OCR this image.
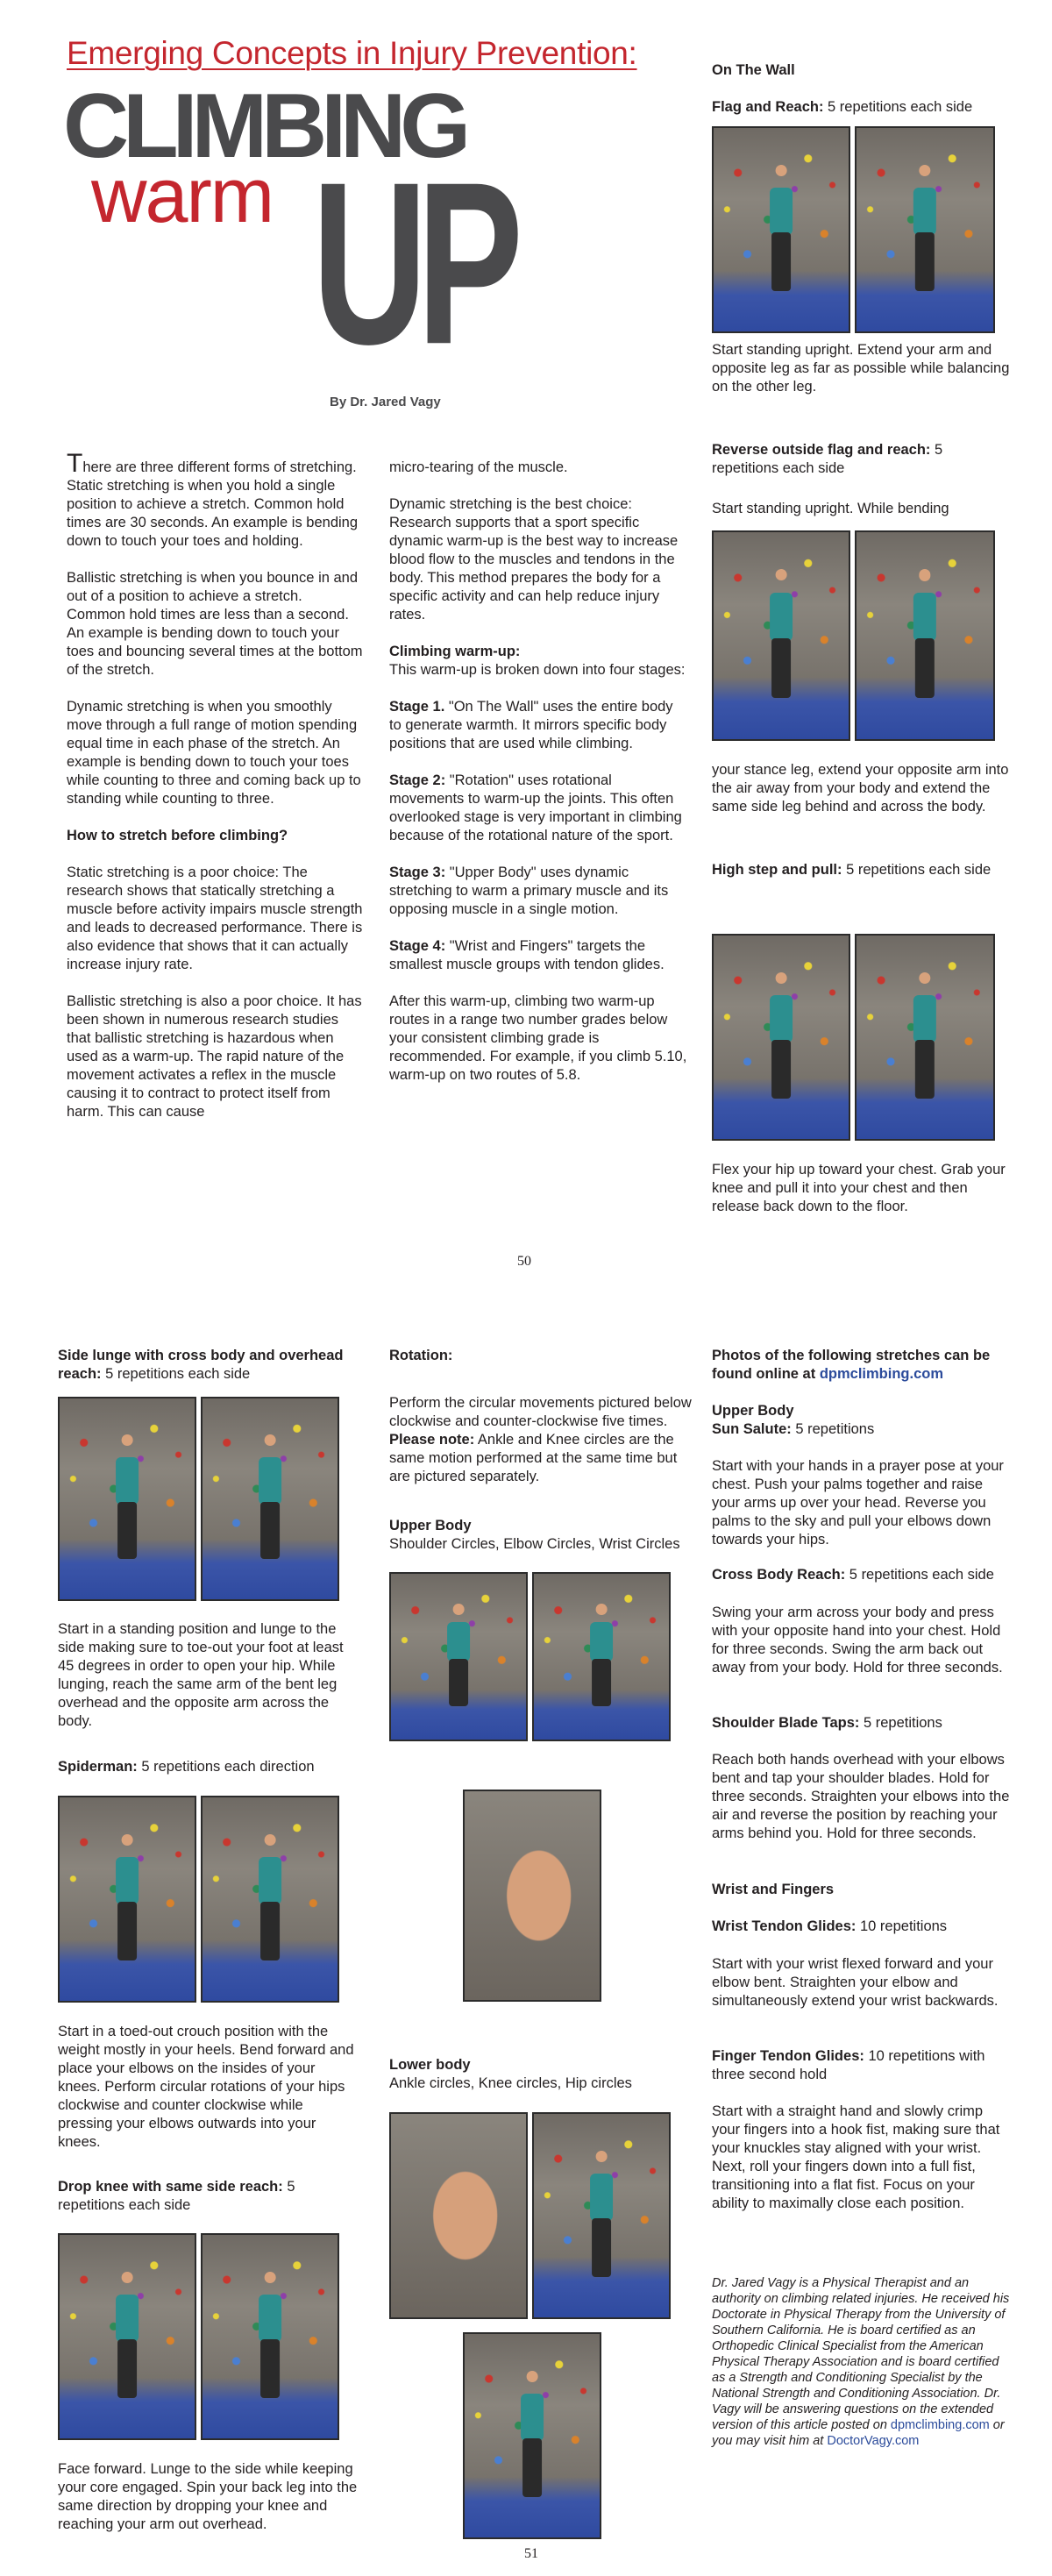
Emerging Concepts in Injury Prevention:
CLIMBING
warm UP
By Dr. Jared Vagy

There are three different forms of stretching. Static stretching is when you hold a single position to achieve a stretch. Common hold times are 30 seconds. An example is bending down to touch your toes and holding.

Ballistic stretching is when you bounce in and out of a position to achieve a stretch. Common hold times are less than a second. An example is bending down to touch your toes and bouncing several times at the bottom of the stretch.

Dynamic stretching is when you smoothly move through a full range of motion spending equal time in each phase of the stretch. An example is bending down to touch your toes while counting to three and coming back up to standing while counting to three.

How to stretch before climbing?

Static stretching is a poor choice: The research shows that statically stretching a muscle before activity impairs muscle strength and leads to decreased performance. There is also evidence that shows that it can actually increase injury rate.

Ballistic stretching is also a poor choice. It has been shown in numerous research studies that ballistic stretching is hazardous when used as a warm-up. The rapid nature of the movement activates a reflex in the muscle causing it to contract to protect itself from harm. This can cause

micro-tearing of the muscle.

Dynamic stretching is the best choice: Research supports that a sport specific dynamic warm-up is the best way to increase blood flow to the muscles and tendons in the body. This method prepares the body for a specific activity and can help reduce injury rates.

Climbing warm-up:
This warm-up is broken down into four stages:

Stage 1. "On The Wall" uses the entire body to generate warmth. It mirrors specific body positions that are used while climbing.

Stage 2: "Rotation" uses rotational movements to warm-up the joints. This often overlooked stage is very important in climbing because of the rotational nature of the sport.

Stage 3: "Upper Body" uses dynamic stretching to warm a primary muscle and its opposing muscle in a single motion.

Stage 4: "Wrist and Fingers" targets the smallest muscle groups with tendon glides.

After this warm-up, climbing two warm-up routes in a range two number grades below your consistent climbing grade is recommended. For example, if you climb 5.10, warm-up on two routes of 5.8.

On The Wall
Flag and Reach: 5 repetitions each side
Start standing upright. Extend your arm and opposite leg as far as possible while balancing on the other leg.
Reverse outside flag and reach: 5 repetitions each side
Start standing upright. While bending
your stance leg, extend your opposite arm into the air away from your body and extend the same side leg behind and across the body.
High step and pull: 5 repetitions each side
Flex your hip up toward your chest. Grab your knee and pull it into your chest and then release back down to the floor.
50
Side lunge with cross body and overhead reach: 5 repetitions each side
Start in a standing position and lunge to the side making sure to toe-out your foot at least 45 degrees in order to open your hip. While lunging, reach the same arm of the bent leg overhead and the opposite arm across the body.
Spiderman: 5 repetitions each direction
Start in a toed-out crouch position with the weight mostly in your heels. Bend forward and place your elbows on the insides of your knees. Perform circular rotations of your hips clockwise and counter clockwise while pressing your elbows outwards into your knees.
Drop knee with same side reach: 5 repetitions each side
Face forward. Lunge to the side while keeping your core engaged. Spin your back leg into the same direction by dropping your knee and reaching your arm out overhead.
Rotation:
Perform the circular movements pictured below clockwise and counter-clockwise five times. Please note: Ankle and Knee circles are the same motion performed at the same time but are pictured separately.
Upper Body
Shoulder Circles, Elbow Circles, Wrist Circles
Lower body
Ankle circles, Knee circles, Hip circles
51
Photos of the following stretches can be found online at dpmclimbing.com
Upper Body
Sun Salute: 5 repetitions
Start with your hands in a prayer pose at your chest. Push your palms together and raise your arms up over your head. Reverse you palms to the sky and pull your elbows down towards your hips.
Cross Body Reach: 5 repetitions each side
Swing your arm across your body and press with your opposite hand into your chest. Hold for three seconds. Swing the arm back out away from your body. Hold for three seconds.
Shoulder Blade Taps: 5 repetitions
Reach both hands overhead with your elbows bent and tap your shoulder blades. Hold for three seconds. Straighten your elbows into the air and reverse the position by reaching your arms behind you. Hold for three seconds.
Wrist and Fingers
Wrist Tendon Glides: 10 repetitions
Start with your wrist flexed forward and your elbow bent. Straighten your elbow and simultaneously extend your wrist backwards.
Finger Tendon Glides: 10 repetitions with three second hold
Start with a straight hand and slowly crimp your fingers into a hook fist, making sure that your knuckles stay aligned with your wrist. Next, roll your fingers down into a full fist, transitioning into a flat fist. Focus on your ability to maximally close each position.
Dr. Jared Vagy is a Physical Therapist and an authority on climbing related injuries. He received his Doctorate in Physical Therapy from the University of Southern California. He is board certified as an Orthopedic Clinical Specialist from the American Physical Therapy Association and is board certified as a Strength and Conditioning Specialist by the National Strength and Conditioning Association. Dr. Vagy will be answering questions on the extended version of this article posted on dpmclimbing.com or you may visit him at DoctorVagy.com
